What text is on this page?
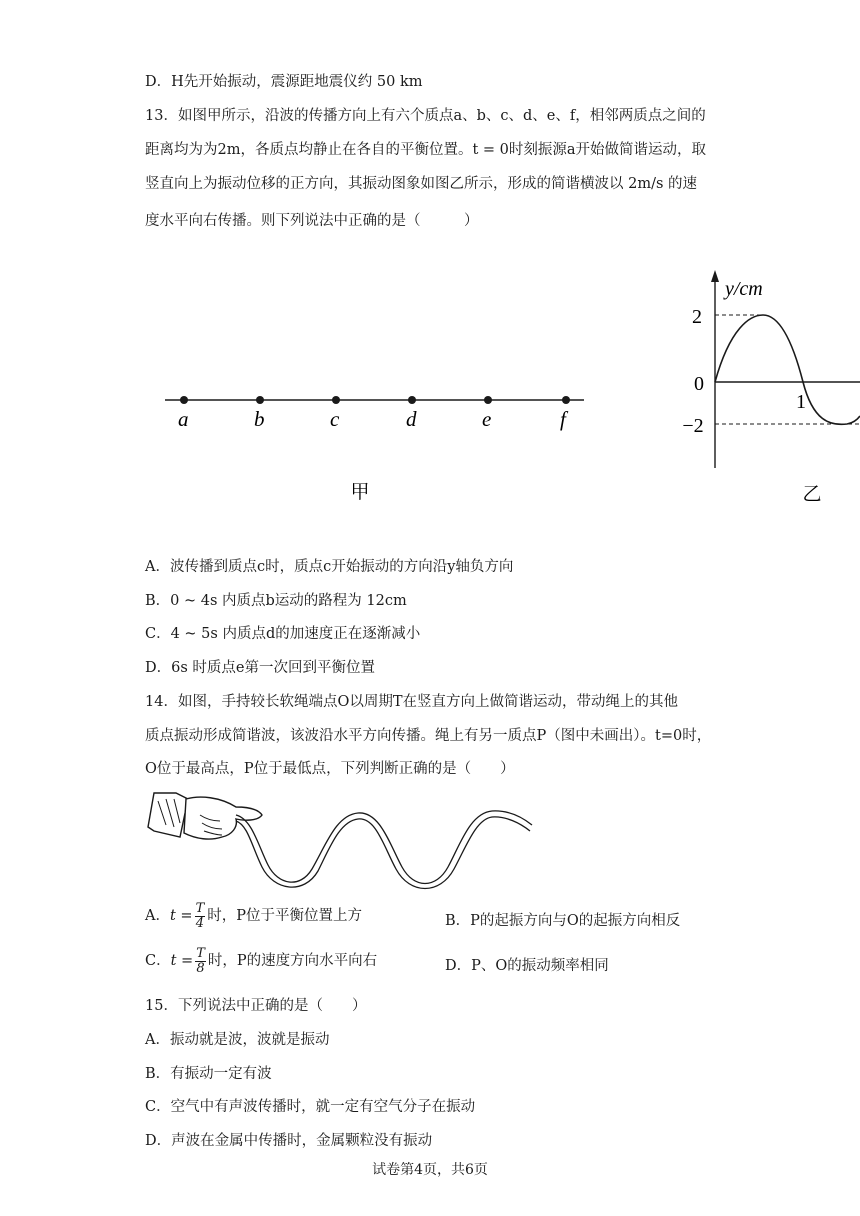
D．H先开始振动，震源距地震仪约 50 km
13．如图甲所示，沿波的传播方向上有六个质点a、b、c、d、e、f，相邻两质点之间的
距离均为为2m，各质点均静止在各自的平衡位置。t = 0时刻振源a开始做简谐运动，取
竖直向上为振动位移的正方向，其振动图象如图乙所示，形成的简谐横波以 2m/s 的速
度水平向右传播。则下列说法中正确的是（　　　）
a	b	c	d	e	f
甲
y/cm
2
0
−2
1
乙
A．波传播到质点c时，质点c开始振动的方向沿y轴负方向
B．0 ~ 4s 内质点b运动的路程为 12cm
C．4 ~ 5s 内质点d的加速度正在逐渐减小
D．6s 时质点e第一次回到平衡位置
14．如图，手持较长软绳端点O以周期T在竖直方向上做简谐运动，带动绳上的其他
质点振动形成简谐波，该波沿水平方向传播。绳上有另一质点P（图中未画出）。t=0时，
O位于最高点，P位于最低点，下列判断正确的是（　　）
A．$t = \frac{T}{4}$ 时，P位于平衡位置上方	B．P的起振方向与O的起振方向相反
C．$t = \frac{T}{8}$ 时，P的速度方向水平向右	D．P、O的振动频率相同
15．下列说法中正确的是（　　）
A．振动就是波，波就是振动
B．有振动一定有波
C．空气中有声波传播时，就一定有空气分子在振动
D．声波在金属中传播时，金属颗粒没有振动
试卷第4页，共6页
